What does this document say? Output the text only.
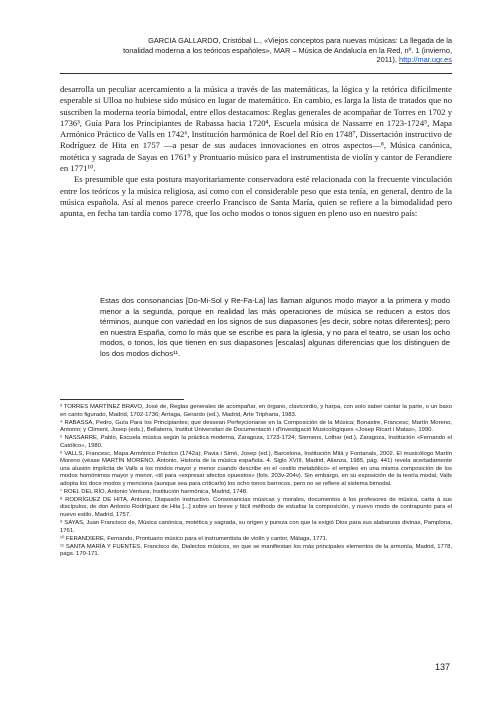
GARCIA GALLARDO, Cristóbal L., «Viejos conceptos para nuevas músicas: La llegada de la
tonalidad moderna a los teóricos españoles», MAR – Música de Andalucía en la Red, nº. 1 (invierno,
2011), http://mar.ugr.es

desarrolla un peculiar acercamiento a la música a través de las matemáticas, la lógica y la retórica difícilmente esperable si Ulloa no hubiese sido músico en lugar de matemático. En cambio, es larga la lista de tratados que no suscriben la moderna teoría bimodal, entre ellos destacamos: Reglas generales de acompañar de Torres en 1702 y 1736³, Guía Para los Principiantes de Rabassa hacia 1720⁴, Escuela música de Nassarre en 1723-1724⁵, Mapa Armónico Práctico de Valls en 1742⁶, Institución harmónica de Roel del Río en 1748⁷, Dissertación instructivo de Rodríguez de Hita en 1757 —a pesar de sus audaces innovaciones en otros aspectos—⁸, Música canónica, motética y sagrada de Sayas en 1761⁹ y Prontuario músico para el instrumentista de violín y cantor de Ferandiere en 1771¹⁰.

Es presumible que esta postura mayoritariamente conservadora esté relacionada con la frecuente vinculación entre los teóricos y la música religiosa, así como con el considerable peso que esta tenía, en general, dentro de la música española. Así al menos parece creerlo Francisco de Santa María, quien se refiere a la bimodalidad pero apunta, en fecha tan tardía como 1778, que los ocho modos o tonos siguen en pleno uso en nuestro país:

Estas dos consonancias [Do-Mi-Sol y Re-Fa-La] las llaman algunos modo mayor a la primera y modo menor a la segunda, porque en realidad las más operaciones de música se reducen a estos dos términos, aunque con variedad en los signos de sus diapasones [es decir, sobre notas diferentes]; pero en nuestra España, como lo más que se escribe es para la iglesia, y no para el teatro, se usan los ocho modos, o tonos, los que tienen en sus diapasones [escalas] algunas diferencias que los distinguen de los dos modos dichos¹¹.

³ TORRES MARTÍNEZ BRAVO, José de, Reglas generales de acompañar, en órgano, clavicordio, y harpa, con solo saber cantar la parte, o un baxo en canto figurado, Madrid, 1702-1736; Arriaga, Gerardo (ed.), Madrid, Arte Tripharia, 1983.
⁴ RABASSA, Pedro, Guía Para los Principiantes; que dessean Perfeycionarse en la Composición de la Música; Bonastre, Francesc; Martín Moreno, Antonio; y Climent, Josep (eds.), Bellaterra, Institut Universitari de Documentació i d'Investigació Musicològiques «Josep Ricart i Matas», 1990.
⁵ NASSARRE, Pablo, Escuela música según la práctica moderna, Zaragoza, 1723-1724; Siemens, Lothar (ed.), Zaragoza, Institución «Fernando el Católico», 1980.
⁶ VALLS, Francesc, Mapa Armónico Práctico (1742a); Pavia i Simó, Josep (ed.), Barcelona, Institución Milá y Fontanals, 2002. El musicólogo Martín Moreno (véase MARTÍN MORENO, Antonio, Historia de la música española. 4. Siglo XVIII, Madrid, Alianza, 1985, pág. 441) revela acertadamente una alusión implícita de Valls a los modos mayor y menor cuando describe en el «estilo metabólico» el empleo en una misma composición de los modos homónimos mayor y menor, «til para «expresar afectos opuestos» (fols. 203v-204v). Sin embargo, en su exposición de la teoría modal, Valls adopta los doce modos y menciona (aunque sea para criticarlo) los ocho tonos barrocos, pero no se refiere al sistema bimodal.
⁷ ROEL DEL RÍO, Antonio Ventura, Institución harmónica, Madrid, 1748.
⁸ RODRÍGUEZ DE HITA, Antonio, Diapasón instructivo. Consonancias músicas y morales, documentos á los profesores de música, carta á sus discípulos, de don Antonio Rodríguez de Hita [...] sobre un breve y fácil méthodo de estudiar la composición, y nuevo modo de contrapunto para el nuevo estilo, Madrid, 1757.
⁹ SAYAS, Juan Francisco de, Música canónica, motética y sagrada, su origen y pureza con que la exigió Dios para sus alabanzas divinas, Pamplona, 1761.
¹⁰ FERANDIERE, Fernando, Prontuario músico para el instrumentista de violín y cantor, Málaga, 1771.
¹¹ SANTA MARÍA Y FUENTES, Francisco de, Dialectos músicos, en que se manifiestan los más principales elementos de la armonía, Madrid, 1778, pags. 170-171.
137
